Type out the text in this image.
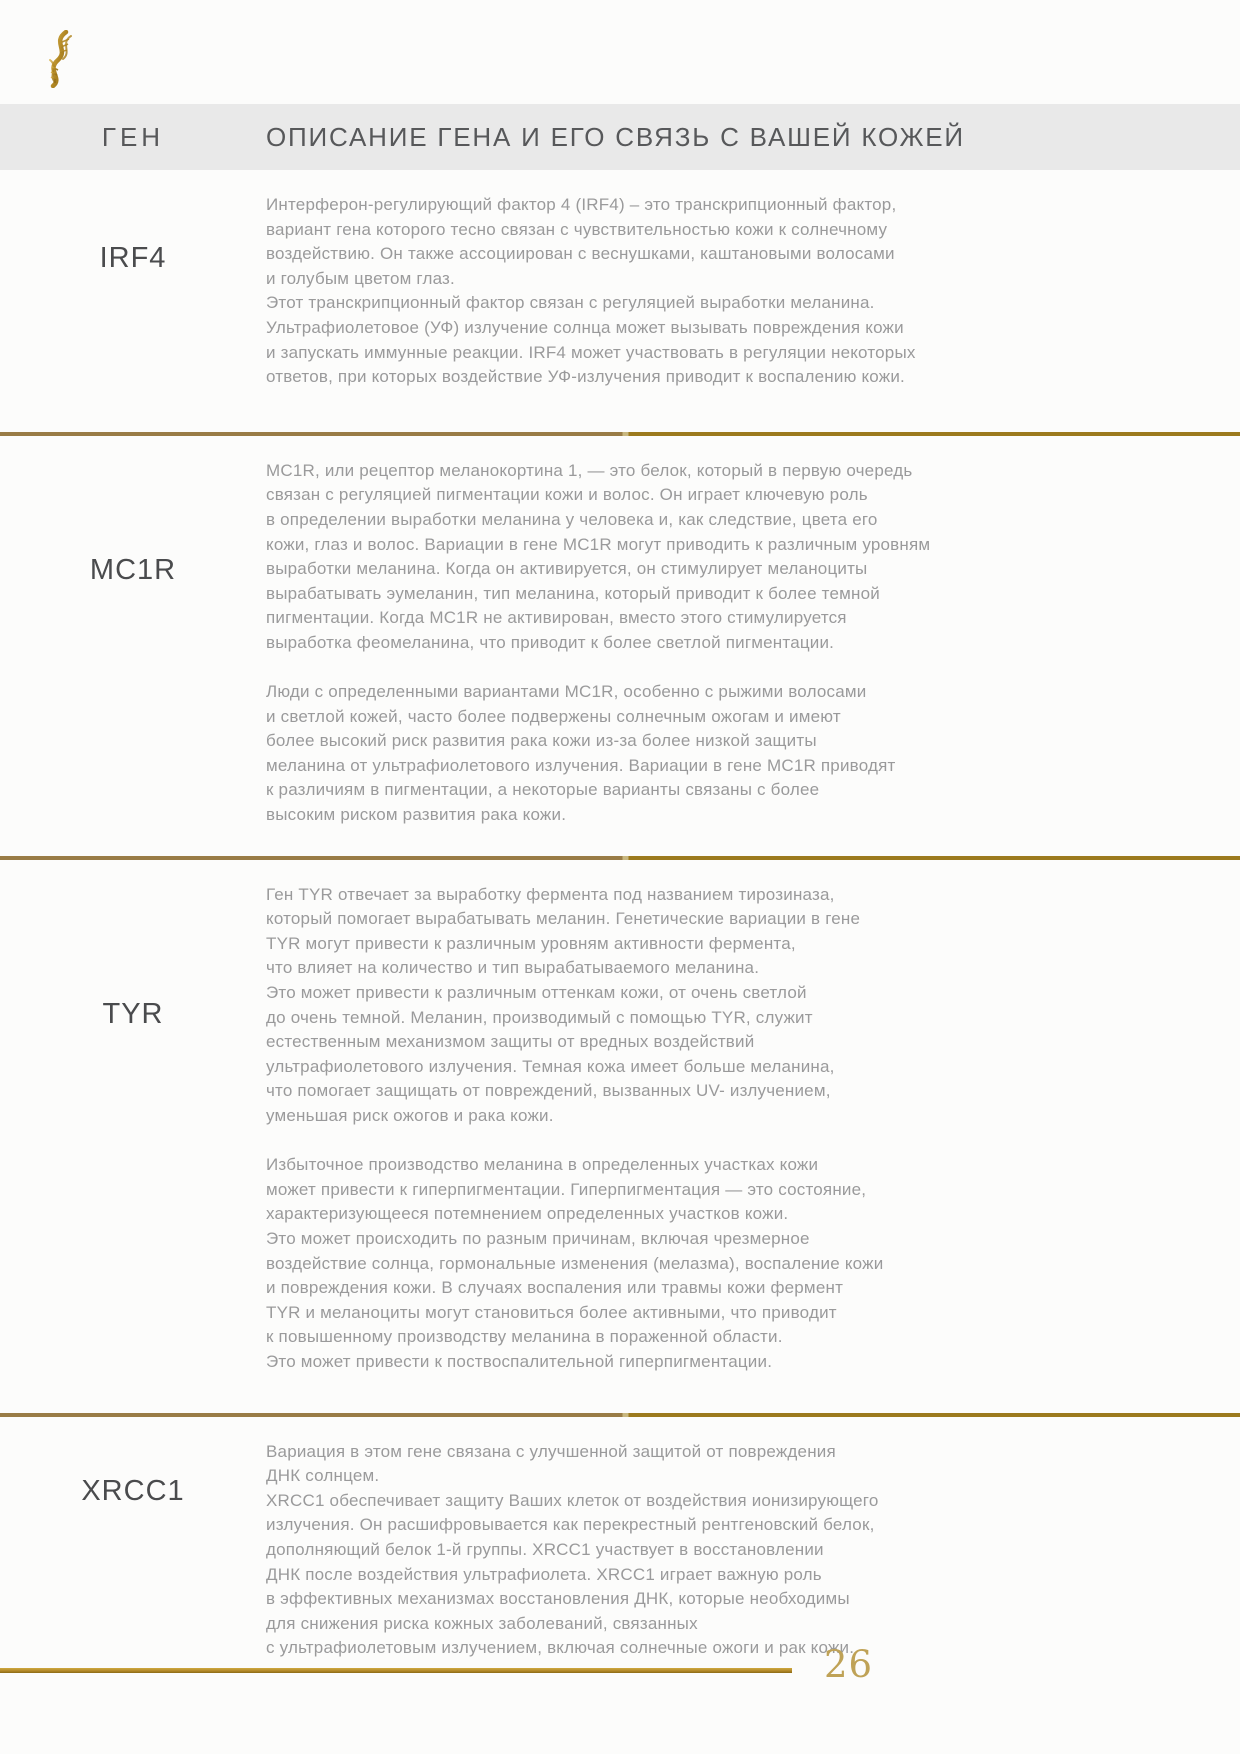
ГЕН	ОПИСАНИЕ ГЕНА И ЕГО СВЯЗЬ С ВАШЕЙ КОЖЕЙ
IRF4
Интерферон-регулирующий фактор 4 (IRF4) – это транскрипционный фактор,
вариант гена которого тесно связан с чувствительностью кожи к солнечному
воздействию. Он также ассоциирован с веснушками, каштановыми волосами
и голубым цветом глаз.
Этот транскрипционный фактор связан с регуляцией выработки меланина.
Ультрафиолетовое (УФ) излучение солнца может вызывать повреждения кожи
и запускать иммунные реакции. IRF4 может участвовать в регуляции некоторых
ответов, при которых воздействие УФ-излучения приводит к воспалению кожи.
MC1R
MC1R, или рецептор меланокортина 1, — это белок, который в первую очередь
связан с регуляцией пигментации кожи и волос. Он играет ключевую роль
в определении выработки меланина у человека и, как следствие, цвета его
кожи, глаз и волос. Вариации в гене MC1R могут приводить к различным уровням
выработки меланина. Когда он активируется, он стимулирует меланоциты
вырабатывать эумеланин, тип меланина, который приводит к более темной
пигментации. Когда MC1R не активирован, вместо этого стимулируется
выработка феомеланина, что приводит к более светлой пигментации.
Люди с определенными вариантами MC1R, особенно с рыжими волосами
и светлой кожей, часто более подвержены солнечным ожогам и имеют
более высокий риск развития рака кожи из-за более низкой защиты
меланина от ультрафиолетового излучения. Вариации в гене MC1R приводят
к различиям в пигментации, а некоторые варианты связаны с более
высоким риском развития рака кожи.
TYR
Ген TYR отвечает за выработку фермента под названием тирозиназа,
который помогает вырабатывать меланин. Генетические вариации в гене
TYR могут привести к различным уровням активности фермента,
что влияет на количество и тип вырабатываемого меланина.
Это может привести к различным оттенкам кожи, от очень светлой
до очень темной. Меланин, производимый с помощью TYR, служит
естественным механизмом защиты от вредных воздействий
ультрафиолетового излучения. Темная кожа имеет больше меланина,
что помогает защищать от повреждений, вызванных UV- излучением,
уменьшая риск ожогов и рака кожи.
Избыточное производство меланина в определенных участках кожи
может привести к гиперпигментации. Гиперпигментация — это состояние,
характеризующееся потемнением определенных участков кожи.
Это может происходить по разным причинам, включая чрезмерное
воздействие солнца, гормональные изменения (мелазма), воспаление кожи
и повреждения кожи. В случаях воспаления или травмы кожи фермент
TYR и меланоциты могут становиться более активными, что приводит
к повышенному производству меланина в пораженной области.
Это может привести к поствоспалительной гиперпигментации.
XRCC1
Вариация в этом гене связана с улучшенной защитой от повреждения
ДНК солнцем.
XRCC1 обеспечивает защиту Ваших клеток от воздействия ионизирующего
излучения. Он расшифровывается как перекрестный рентгеновский белок,
дополняющий белок 1-й группы. XRCC1 участвует в восстановлении
ДНК после воздействия ультрафиолета. XRCC1 играет важную роль
в эффективных механизмах восстановления ДНК, которые необходимы
для снижения риска кожных заболеваний, связанных
с ультрафиолетовым излучением, включая солнечные ожоги и рак кожи.
26
